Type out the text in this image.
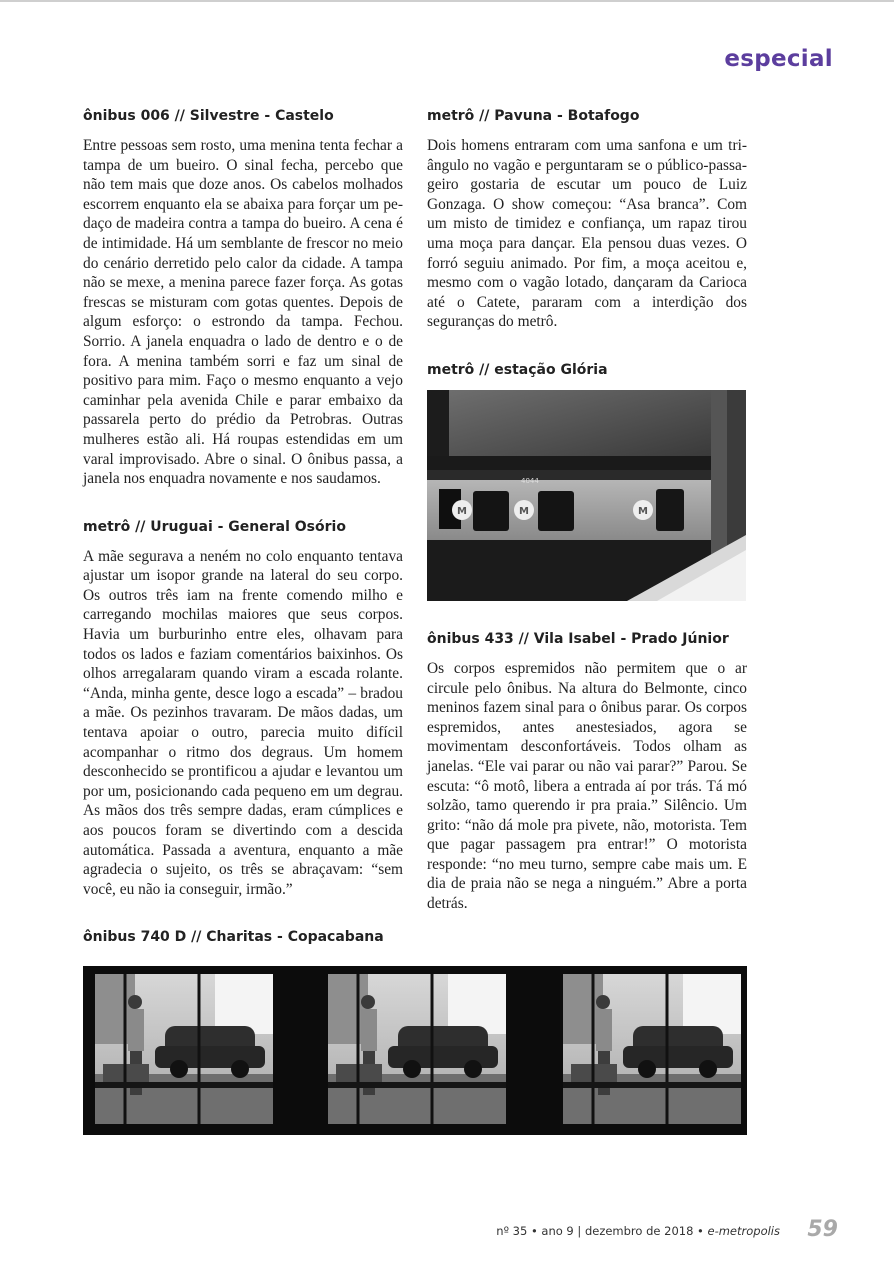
especial
ônibus 006 // Silvestre - Castelo

Entre pessoas sem rosto, uma menina tenta fechar a tampa de um bueiro. O sinal fecha, percebo que não tem mais que doze anos. Os cabelos molhados escorrem enquanto ela se abaixa para forçar um pedaço de madeira contra a tampa do bueiro. A cena é de intimidade. Há um semblante de frescor no meio do cenário derretido pelo calor da cidade. A tampa não se mexe, a menina parece fazer força. As gotas frescas se misturam com gotas quentes. Depois de algum esforço: o estrondo da tampa. Fechou. Sorrio. A janela enquadra o lado de dentro e o de fora. A menina também sorri e faz um sinal de positivo para mim. Faço o mesmo enquanto a vejo caminhar pela avenida Chile e parar embaixo da passarela perto do prédio da Petrobras. Outras mulheres estão ali. Há roupas estendidas em um varal improvisado. Abre o sinal. O ônibus passa, a janela nos enquadra novamente e nos saudamos.

metrô // Uruguai - General Osório

A mãe segurava a neném no colo enquanto tentava ajustar um isopor grande na lateral do seu corpo. Os outros três iam na frente comendo milho e carregando mochilas maiores que seus corpos. Havia um burburinho entre eles, olhavam para todos os lados e faziam comentários baixinhos. Os olhos arregalaram quando viram a escada rolante. “Anda, minha gente, desce logo a escada” – bradou a mãe. Os pezinhos travaram. De mãos dadas, um tentava apoiar o outro, parecia muito difícil acompanhar o ritmo dos degraus. Um homem desconhecido se prontificou a ajudar e levantou um por um, posicionando cada pequeno em um degrau. As mãos dos três sempre dadas, eram cúmplices e aos poucos foram se divertindo com a descida automática. Passada a aventura, enquanto a mãe agradecia o sujeito, os três se abraçavam: “sem você, eu não ia conseguir, irmão.”

metrô // Pavuna - Botafogo

Dois homens entraram com uma sanfona e um triângulo no vagão e perguntaram se o público-passageiro gostaria de escutar um pouco de Luiz Gonzaga. O show começou: “Asa branca”. Com um misto de timidez e confiança, um rapaz tirou uma moça para dançar. Ela pensou duas vezes. O forró seguiu animado. Por fim, a moça aceitou e, mesmo com o vagão lotado, dançaram da Carioca até o Catete, pararam com a interdição dos seguranças do metrô.

metrô // estação Glória
4044
M	M	M
ônibus 433 // Vila Isabel - Prado Júnior

Os corpos espremidos não permitem que o ar circule pelo ônibus. Na altura do Belmonte, cinco meninos fazem sinal para o ônibus parar. Os corpos espremidos, antes anestesiados, agora se movimentam desconfortáveis. Todos olham as janelas. “Ele vai parar ou não vai parar?” Parou. Se escuta: “ô motô, libera a entrada aí por trás. Tá mó solzão, tamo querendo ir pra praia.” Silêncio. Um grito: “não dá mole pra pivete, não, motorista. Tem que pagar passagem pra entrar!” O motorista responde: “no meu turno, sempre cabe mais um. E dia de praia não se nega a ninguém.” Abre a porta detrás.

ônibus 740 D // Charitas - Copacabana
nº 35 • ano 9 | dezembro de 2018 • e-metropolis 59
